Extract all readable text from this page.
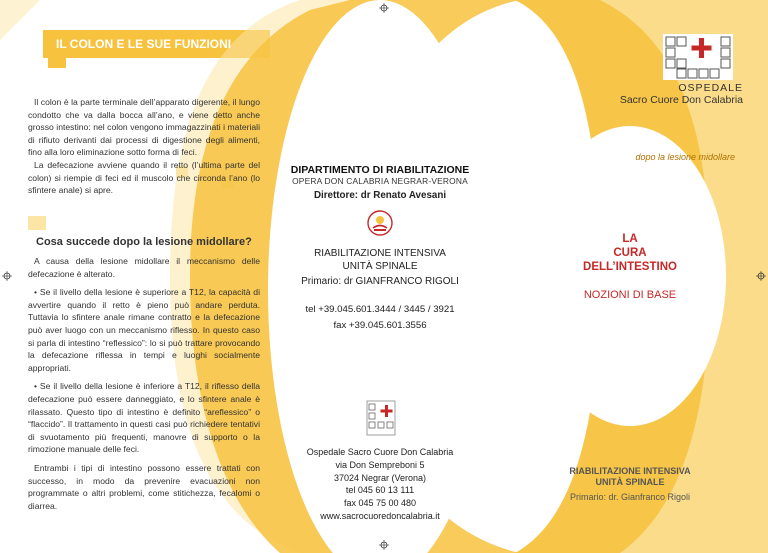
IL COLON E LE SUE FUNZIONI

Il colon è la parte terminale dell’apparato digerente, il lungo condotto che va dalla bocca all’ano, e viene detto anche grosso intestino: nel colon vengono immagazzinati i materiali di rifiuto derivanti dai processi di digestione degli alimenti, fino alla loro eliminazione sotto forma di feci.

La defecazione avviene quando il retto (l’ultima parte del colon) si riempie di feci ed il muscolo che circonda l’ano (lo sfintere anale) si apre.

Cosa succede dopo la lesione midollare?

A causa della lesione midollare il meccanismo delle defecazione è alterato.

• Se il livello della lesione è superiore a T12, la capacità di avvertire quando il retto è pieno può andare perduta. Tuttavia lo sfintere anale rimane contratto e la defecazione può aver luogo con un meccanismo riflesso. In questo caso si parla di intestino “reflessico”: lo si può trattare provocando la defecazione riflessa in tempi e luoghi socialmente appropriati.

• Se il livello della lesione è inferiore a T12, il riflesso della defecazione può essere danneggiato, e lo sfintere anale è rilassato. Questo tipo di intestino è definito “areflessico” o “flaccido”. Il trattamento in questi casi può richiedere tentativi di svuotamento più frequenti, manovre di supporto o la rimozione manuale delle feci.

Entrambi i tipi di intestino possono essere trattati con successo, in modo da prevenire evacuazioni non programmate o altri problemi, come stitichezza, fecalomi o diarrea.

DIPARTIMENTO DI RIABILITAZIONE
OPERA DON CALABRIA NEGRAR-VERONA
Direttore: dr Renato Avesani
RIABILITAZIONE INTENSIVA
UNITÀ SPINALE
Primario: dr GIANFRANCO RIGOLI
tel +39.045.601.3444 / 3445 / 3921
fax +39.045.601.3556
Ospedale Sacro Cuore Don Calabria
via Don Sempreboni 5
37024 Negrar (Verona)
tel 045 60 13 111
fax 045 75 00 480
www.sacrocuoredoncalabria.it
OSPEDALE
Sacro Cuore Don Calabria
dopo la lesione midollare
LA
CURA
DELL’INTESTINO
NOZIONI DI BASE
RIABILITAZIONE INTENSIVA
UNITÀ SPINALE
Primario: dr. Gianfranco Rigoli
